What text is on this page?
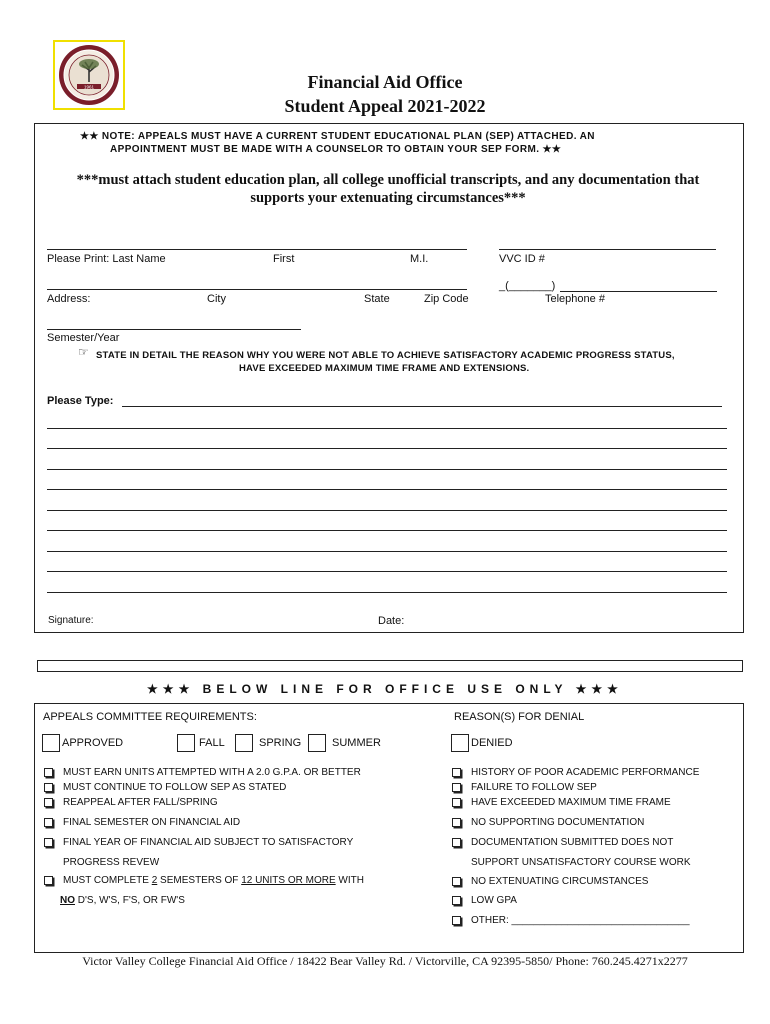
1961	Financial Aid Office
Student Appeal 2021-2022
★★ NOTE: APPEALS MUST HAVE A CURRENT STUDENT EDUCATIONAL PLAN (SEP) ATTACHED. AN
APPOINTMENT MUST BE MADE WITH A COUNSELOR TO OBTAIN YOUR SEP FORM. ★★
***must attach student education plan, all college unofficial transcripts, and any documentation that
supports your extenuating circumstances***
Please Print: Last Name	First	M.I.	VVC ID #
_(_______)
Address:	City	State	Zip Code	Telephone #
Semester/Year
☞ STATE IN DETAIL THE REASON WHY YOU WERE NOT ABLE TO ACHIEVE SATISFACTORY ACADEMIC PROGRESS STATUS,
HAVE EXCEEDED MAXIMUM TIME FRAME AND EXTENSIONS.
Please Type:
Signature:	Date:
★★★ BELOW LINE FOR OFFICE USE ONLY ★★★
APPEALS COMMITTEE REQUIREMENTS:	REASON(S) FOR DENIAL
APPROVED	FALL	SPRING	SUMMER	DENIED
MUST EARN UNITS ATTEMPTED WITH A 2.0 G.P.A. OR BETTER
MUST CONTINUE TO FOLLOW SEP AS STATED
REAPPEAL AFTER FALL/SPRING
FINAL SEMESTER ON FINANCIAL AID
FINAL YEAR OF FINANCIAL AID SUBJECT TO SATISFACTORY
PROGRESS REVEW
MUST COMPLETE 2 SEMESTERS OF 12 UNITS OR MORE WITH
NO D'S, W'S, F'S, OR FW'S
HISTORY OF POOR ACADEMIC PERFORMANCE
FAILURE TO FOLLOW SEP
HAVE EXCEEDED MAXIMUM TIME FRAME
NO SUPPORTING DOCUMENTATION
DOCUMENTATION SUBMITTED DOES NOT
SUPPORT UNSATISFACTORY COURSE WORK
NO EXTENUATING CIRCUMSTANCES
LOW GPA
OTHER: ________________________________
Victor Valley College Financial Aid Office / 18422 Bear Valley Rd. / Victorville, CA 92395-5850/ Phone: 760.245.4271x2277
